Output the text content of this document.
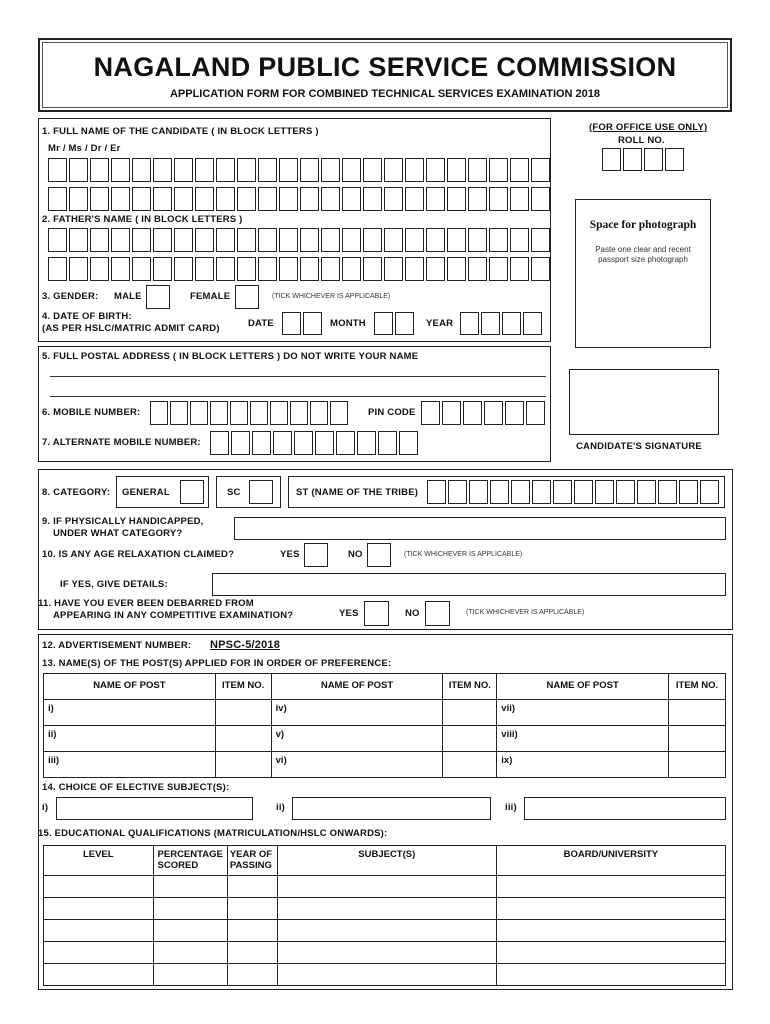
NAGALAND PUBLIC SERVICE COMMISSION
APPLICATION FORM FOR COMBINED TECHNICAL SERVICES EXAMINATION 2018
1. FULL NAME OF THE CANDIDATE ( IN BLOCK LETTERS )
Mr / Ms / Dr / Er
2. FATHER'S NAME ( IN BLOCK LETTERS )
3. GENDER: MALE	FEMALE	(TICK WHICHEVER IS APPLICABLE)
4. DATE OF BIRTH:
(AS PER HSLC/MATRIC ADMIT CARD)	DATE	MONTH	YEAR
(FOR OFFICE USE ONLY)
ROLL NO.
Space for photograph
Paste one clear and recent passport size photograph
5. FULL POSTAL ADDRESS ( IN BLOCK LETTERS ) DO NOT WRITE YOUR NAME
6. MOBILE NUMBER:	PIN CODE
7. ALTERNATE MOBILE NUMBER:	CANDIDATE'S SIGNATURE
8. CATEGORY: GENERAL	SC	ST (NAME OF THE TRIBE)
9. IF PHYSICALLY HANDICAPPED,
UNDER WHAT CATEGORY?
10. IS ANY AGE RELAXATION CLAIMED?	YES	NO	(TICK WHICHEVER IS APPLICABLE)
IF YES, GIVE DETAILS:
11. HAVE YOU EVER BEEN DEBARRED FROM
APPEARING IN ANY COMPETITIVE EXAMINATION?	YES	NO	(TICK WHICHEVER IS APPLICABLE)
12. ADVERTISEMENT NUMBER: NPSC-5/2018
13. NAME(S) OF THE POST(S) APPLIED FOR IN ORDER OF PREFERENCE:
NAME OF POST	ITEM NO.	NAME OF POST	ITEM NO.	NAME OF POST	ITEM NO.
i)		iv)		vii)	
ii)		v)		viii)	
iii)		vi)		ix)	
14. CHOICE OF ELECTIVE SUBJECT(S):
i)	ii)	iii)
15. EDUCATIONAL QUALIFICATIONS (MATRICULATION/HSLC ONWARDS):
LEVEL	PERCENTAGE SCORED	YEAR OF PASSING	SUBJECT(S)	BOARD/UNIVERSITY
